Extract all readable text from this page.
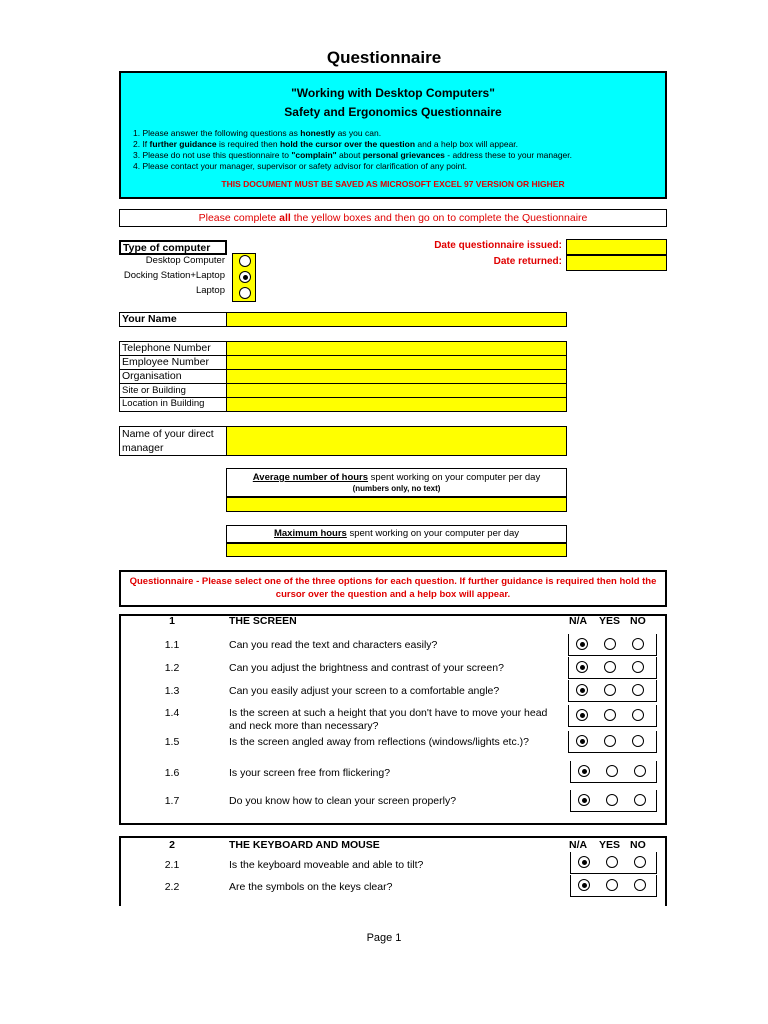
Questionnaire
"Working with Desktop Computers"
Safety and Ergonomics Questionnaire
1. Please answer the following questions as honestly as you can.
2. If further guidance is required then hold the cursor over the question and a help box will appear.
3. Please do not use this questionnaire to "complain" about personal grievances - address these to your manager.
4. Please contact your manager, supervisor or safety advisor for clarification of any point.
THIS DOCUMENT MUST BE SAVED AS MICROSOFT EXCEL 97 VERSION OR HIGHER
Please complete all the yellow boxes and then go on to complete the Questionnaire
Type of computer
Desktop Computer
Docking Station+Laptop
Laptop
Date questionnaire issued:
Date returned:
Your Name
Telephone Number
Employee Number
Organisation
Site or Building
Location in Building
Name of your direct manager
Average number of hours spent working on your computer per day
(numbers only, no text)
Maximum hours spent working on your computer per day
Questionnaire - Please select one of the three options for each question. If further guidance is required then hold the cursor over the question and a help box will appear.
1	THE SCREEN	N/A YES NO
1.1	Can you read the text and characters easily?
1.2	Can you adjust the brightness and contrast of your screen?
1.3	Can you easily adjust your screen to a comfortable angle?
1.4	Is the screen at such a height that you don't have to move your head and neck more than necessary?
1.5	Is the screen angled away from reflections (windows/lights etc.)?
1.6	Is your screen free from flickering?
1.7	Do you know how to clean your screen properly?
2	THE KEYBOARD AND MOUSE	N/A YES NO
2.1	Is the keyboard moveable and able to tilt?
2.2	Are the symbols on the keys clear?
Page 1
